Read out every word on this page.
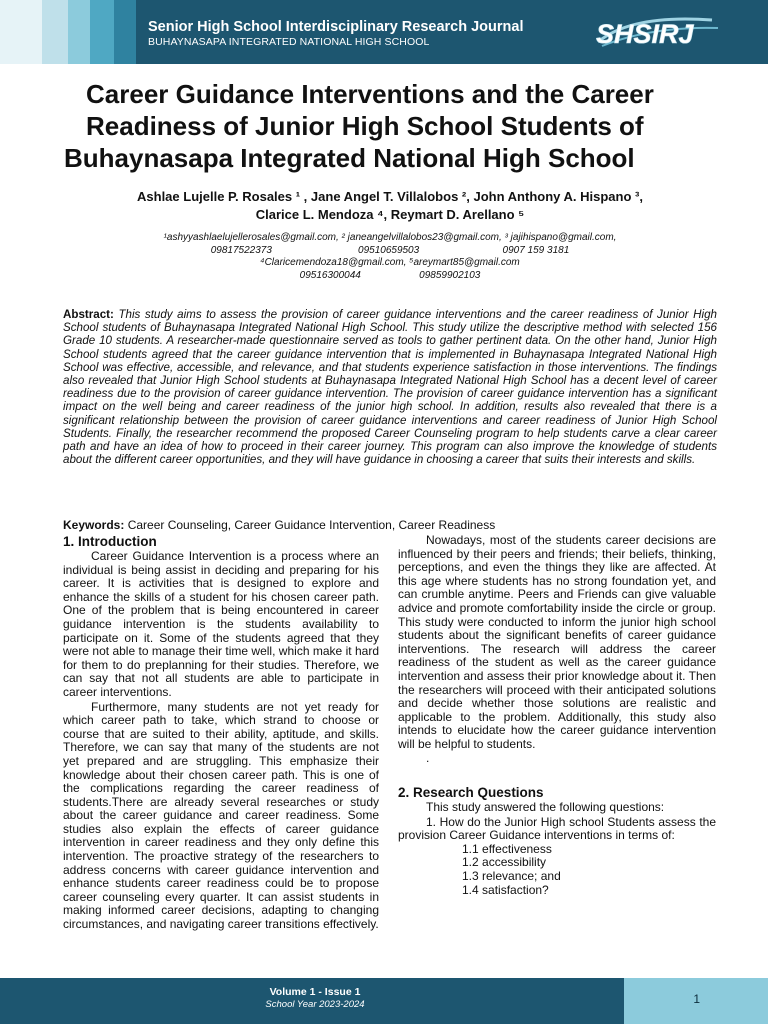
Senior High School Interdisciplinary Research Journal
BUHAYNASAPA INTEGRATED NATIONAL HIGH SCHOOL	SHSIRJ
Career Guidance Interventions and the Career
Readiness of Junior High School Students of
Buhaynasapa Integrated National High School
Ashlae Lujelle P. Rosales ¹ , Jane Angel T. Villalobos ², John Anthony A. Hispano ³,
Clarice L. Mendoza ⁴, Reymart D. Arellano ⁵
¹ashyyashlaelujellerosales@gmail.com, ² janeangelvillalobos23@gmail.com, ³ jajihispano@gmail.com,
09817522373                               09510659503                              0907 159 3181
⁴Claricemendoza18@gmail.com, ⁵areymart85@gmail.com
09516300044                     09859902103
Abstract: This study aims to assess the provision of career guidance interventions and the career readiness of Junior High School students of Buhaynasapa Integrated National High School. This study utilize the descriptive method with selected 156 Grade 10 students. A researcher-made questionnaire served as tools to gather pertinent data. On the other hand, Junior High School students agreed that the career guidance intervention that is implemented in Buhaynasapa Integrated National High School was effective, accessible, and relevance, and that students experience satisfaction in those interventions. The findings also revealed that Junior High School students at Buhaynasapa Integrated National High School has a decent level of career readiness due to the provision of career guidance intervention. The provision of career guidance intervention has a significant impact on the well being and career readiness of the junior high school. In addition, results also revealed that there is a significant relationship between the provision of career guidance interventions and career readiness of Junior High School Students. Finally, the researcher recommend the proposed Career Counseling program to help students carve a clear career path and have an idea of how to proceed in their career journey. This program can also improve the knowledge of students about the different career opportunities, and they will have guidance in choosing a career that suits their interests and skills.
Keywords: Career Counseling, Career Guidance Intervention, Career Readiness
1. Introduction

Career Guidance Intervention is a process where an individual is being assist in deciding and preparing for his career. It is activities that is designed to explore and enhance the skills of a student for his chosen career path. One of the problem that is being encountered in career guidance intervention is the students availability to participate on it. Some of the students agreed that they were not able to manage their time well, which make it hard for them to do preplanning for their studies. Therefore, we can say that not all students are able to participate in career interventions.

Furthermore, many students are not yet ready for which career path to take, which strand to choose or course that are suited to their ability, aptitude, and skills. Therefore, we can say that many of the students are not yet prepared and are struggling. This emphasize their knowledge about their chosen career path. This is one of the complications regarding the career readiness of students.There are already several researches or study about the career guidance and career readiness. Some studies also explain the effects of career guidance intervention in career readiness and they only define this intervention. The proactive strategy of the researchers to address concerns with career guidance intervention and enhance students career readiness could be to propose career counseling every quarter. It can assist students in making informed career decisions, adapting to changing circumstances, and navigating career transitions effectively.

Nowadays, most of the students career decisions are influenced by their peers and friends; their beliefs, thinking, perceptions, and even the things they like are affected. At this age where students has no strong foundation yet, and can crumble anytime. Peers and Friends can give valuable advice and promote comfortability inside the circle or group. This study were conducted to inform the junior high school students about the significant benefits of career guidance interventions. The research will address the career readiness of the student as well as the career guidance intervention and assess their prior knowledge about it. Then the researchers will proceed with their anticipated solutions and decide whether those solutions are realistic and applicable to the problem. Additionally, this study also intends to elucidate how the career guidance intervention will be helpful to students.

.

2. Research Questions

This study answered the following questions:

1. How do the Junior High school Students assess the provision Career Guidance interventions in terms of:

1.1 effectiveness
1.2 accessibility
1.3 relevance; and
1.4 satisfaction?
Volume 1 - Issue 1
School Year 2023-2024	1
